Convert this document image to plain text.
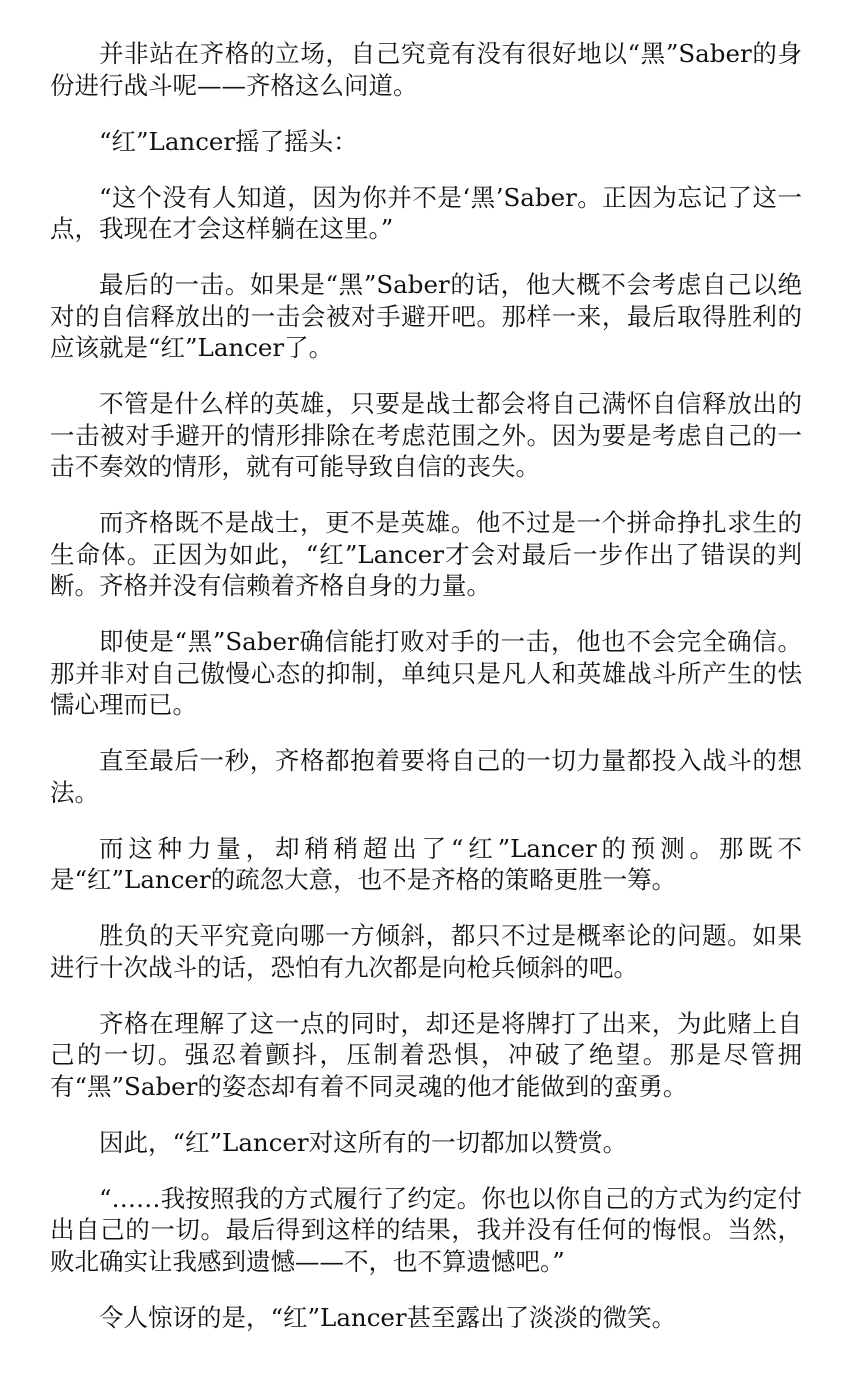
并非站在齐格的立场，自己究竟有没有很好地以“黑”Saber的身份进行战斗呢——齐格这么问道。

“红”Lancer摇了摇头：

“这个没有人知道，因为你并不是‘黑’Saber。正因为忘记了这一点，我现在才会这样躺在这里。”

最后的一击。如果是“黑”Saber的话，他大概不会考虑自己以绝对的自信释放出的一击会被对手避开吧。那样一来，最后取得胜利的应该就是“红”Lancer了。

不管是什么样的英雄，只要是战士都会将自己满怀自信释放出的一击被对手避开的情形排除在考虑范围之外。因为要是考虑自己的一击不奏效的情形，就有可能导致自信的丧失。

而齐格既不是战士，更不是英雄。他不过是一个拼命挣扎求生的生命体。正因为如此，“红”Lancer才会对最后一步作出了错误的判断。齐格并没有信赖着齐格自身的力量。

即使是“黑”Saber确信能打败对手的一击，他也不会完全确信。那并非对自己傲慢心态的抑制，单纯只是凡人和英雄战斗所产生的怯懦心理而已。

直至最后一秒，齐格都抱着要将自己的一切力量都投入战斗的想法。

而这种力量，却稍稍超出了“红”Lancer的预测。那既不是“红”Lancer的疏忽大意，也不是齐格的策略更胜一筹。

胜负的天平究竟向哪一方倾斜，都只不过是概率论的问题。如果进行十次战斗的话，恐怕有九次都是向枪兵倾斜的吧。

齐格在理解了这一点的同时，却还是将牌打了出来，为此赌上自己的一切。强忍着颤抖，压制着恐惧，冲破了绝望。那是尽管拥有“黑”Saber的姿态却有着不同灵魂的他才能做到的蛮勇。

因此，“红”Lancer对这所有的一切都加以赞赏。

“……我按照我的方式履行了约定。你也以你自己的方式为约定付出自己的一切。最后得到这样的结果，我并没有任何的悔恨。当然，败北确实让我感到遗憾——不，也不算遗憾吧。”

令人惊讶的是，“红”Lancer甚至露出了淡淡的微笑。
